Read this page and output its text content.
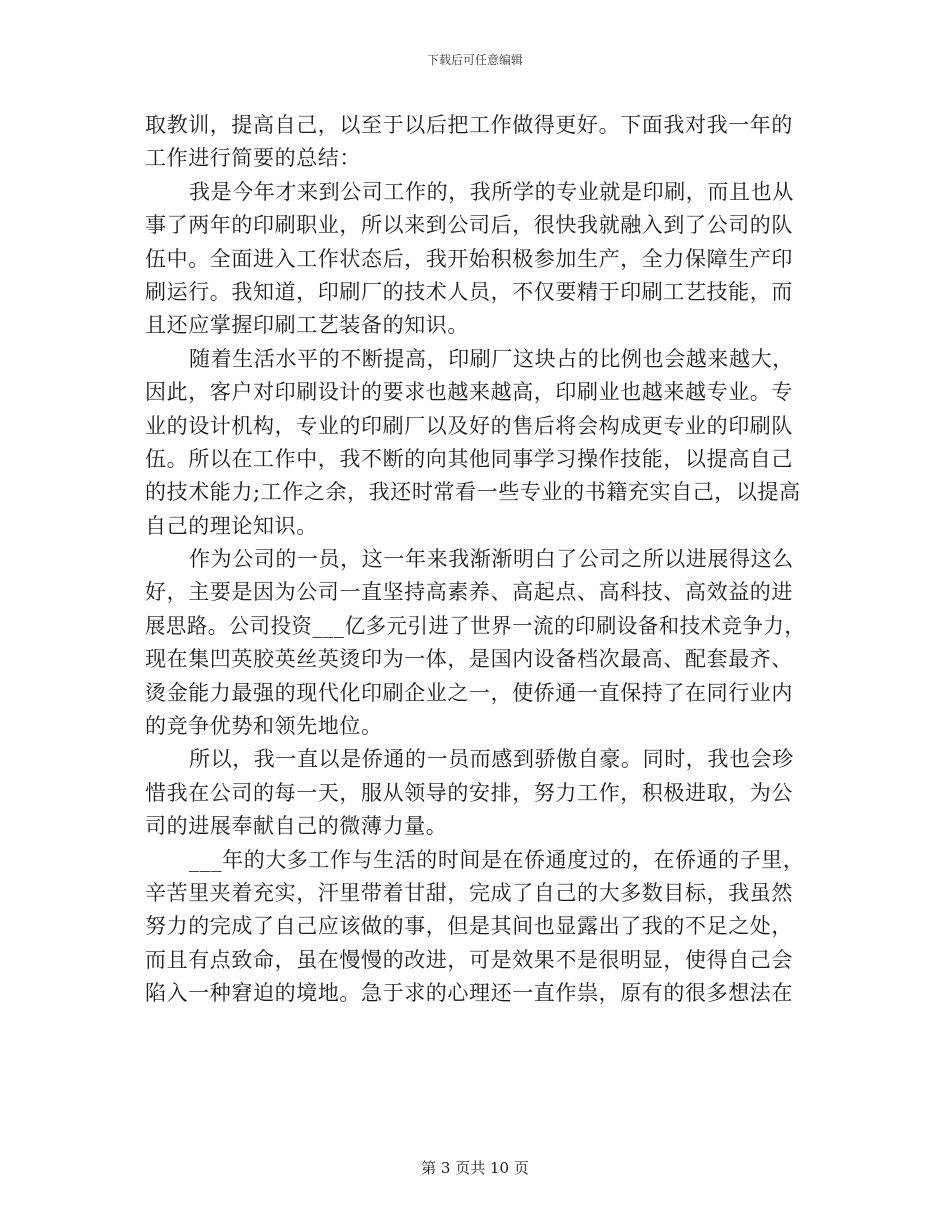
下载后可任意编辑
取教训，提高自己，以至于以后把工作做得更好。下面我对我一年的
工作进行简要的总结：
我是今年才来到公司工作的，我所学的专业就是印刷，而且也从
事了两年的印刷职业，所以来到公司后，很快我就融入到了公司的队
伍中。全面进入工作状态后，我开始积极参加生产，全力保障生产印
刷运行。我知道，印刷厂的技术人员，不仅要精于印刷工艺技能，而
且还应掌握印刷工艺装备的知识。
随着生活水平的不断提高，印刷厂这块占的比例也会越来越大，
因此，客户对印刷设计的要求也越来越高，印刷业也越来越专业。专
业的设计机构，专业的印刷厂以及好的售后将会构成更专业的印刷队
伍。所以在工作中，我不断的向其他同事学习操作技能，以提高自己
的技术能力;工作之余，我还时常看一些专业的书籍充实自己，以提高
自己的理论知识。
作为公司的一员，这一年来我渐渐明白了公司之所以进展得这么
好，主要是因为公司一直坚持高素养、高起点、高科技、高效益的进
展思路。公司投资___亿多元引进了世界一流的印刷设备和技术竞争力，
现在集凹英胶英丝英烫印为一体，是国内设备档次最高、配套最齐、
烫金能力最强的现代化印刷企业之一，使侨通一直保持了在同行业内
的竞争优势和领先地位。
所以，我一直以是侨通的一员而感到骄傲自豪。同时，我也会珍
惜我在公司的每一天，服从领导的安排，努力工作，积极进取，为公
司的进展奉献自己的微薄力量。
___年的大多工作与生活的时间是在侨通度过的，在侨通的子里，
辛苦里夹着充实，汗里带着甘甜，完成了自己的大多数目标，我虽然
努力的完成了自己应该做的事，但是其间也显露出了我的不足之处，
而且有点致命，虽在慢慢的改进，可是效果不是很明显，使得自己会
陷入一种窘迫的境地。急于求的心理还一直作祟，原有的很多想法在
第 3 页共 10 页
